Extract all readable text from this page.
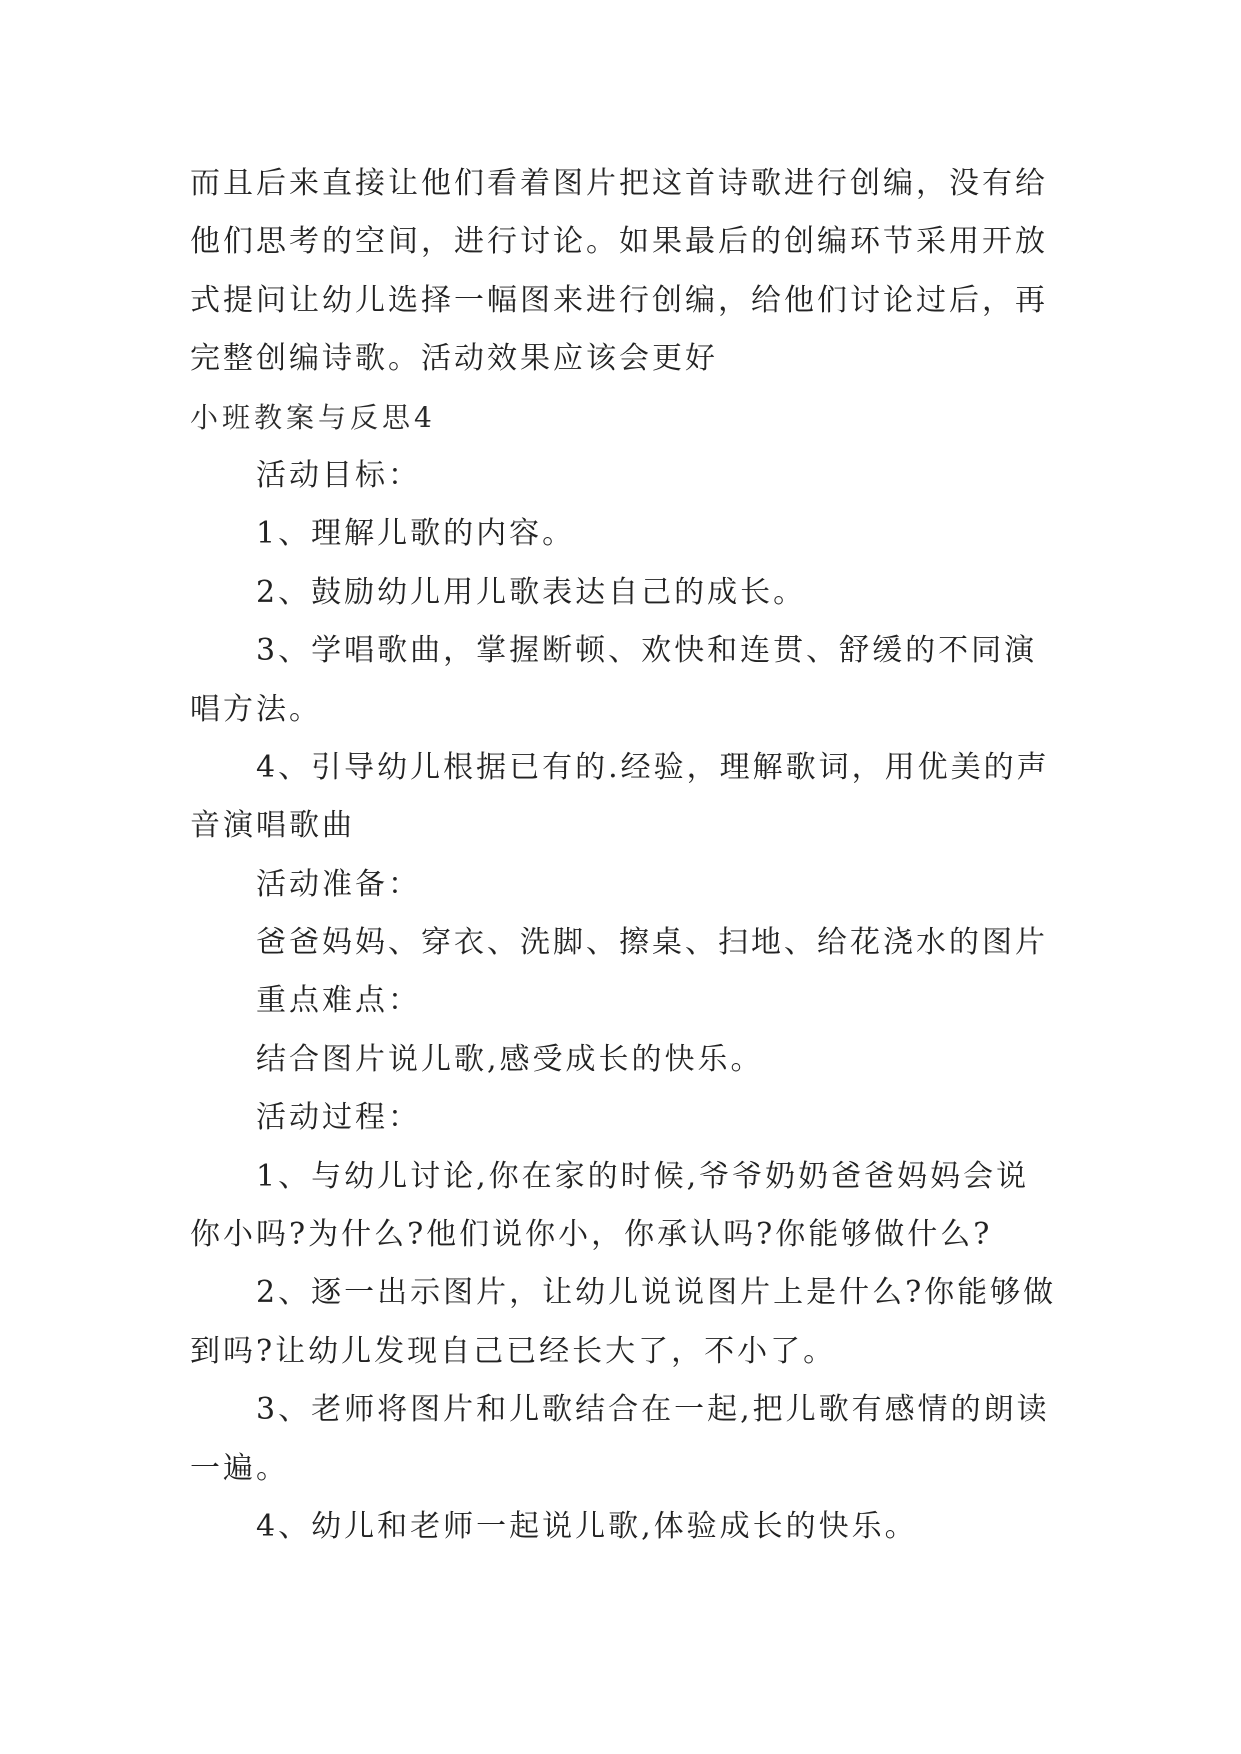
而且后来直接让他们看着图片把这首诗歌进行创编，没有给
他们思考的空间，进行讨论。如果最后的创编环节采用开放
式提问让幼儿选择一幅图来进行创编，给他们讨论过后，再
完整创编诗歌。活动效果应该会更好
小班教案与反思4
活动目标：
1、理解儿歌的内容。
2、鼓励幼儿用儿歌表达自己的成长。
3、学唱歌曲，掌握断顿、欢快和连贯、舒缓的不同演
唱方法。
4、引导幼儿根据已有的.经验，理解歌词，用优美的声
音演唱歌曲
活动准备：
爸爸妈妈、穿衣、洗脚、擦桌、扫地、给花浇水的图片
重点难点：
结合图片说儿歌,感受成长的快乐。
活动过程：
1、与幼儿讨论,你在家的时候,爷爷奶奶爸爸妈妈会说
你小吗?为什么?他们说你小，你承认吗?你能够做什么?
2、逐一出示图片，让幼儿说说图片上是什么?你能够做
到吗?让幼儿发现自己已经长大了，不小了。
3、老师将图片和儿歌结合在一起,把儿歌有感情的朗读
一遍。
4、幼儿和老师一起说儿歌,体验成长的快乐。
